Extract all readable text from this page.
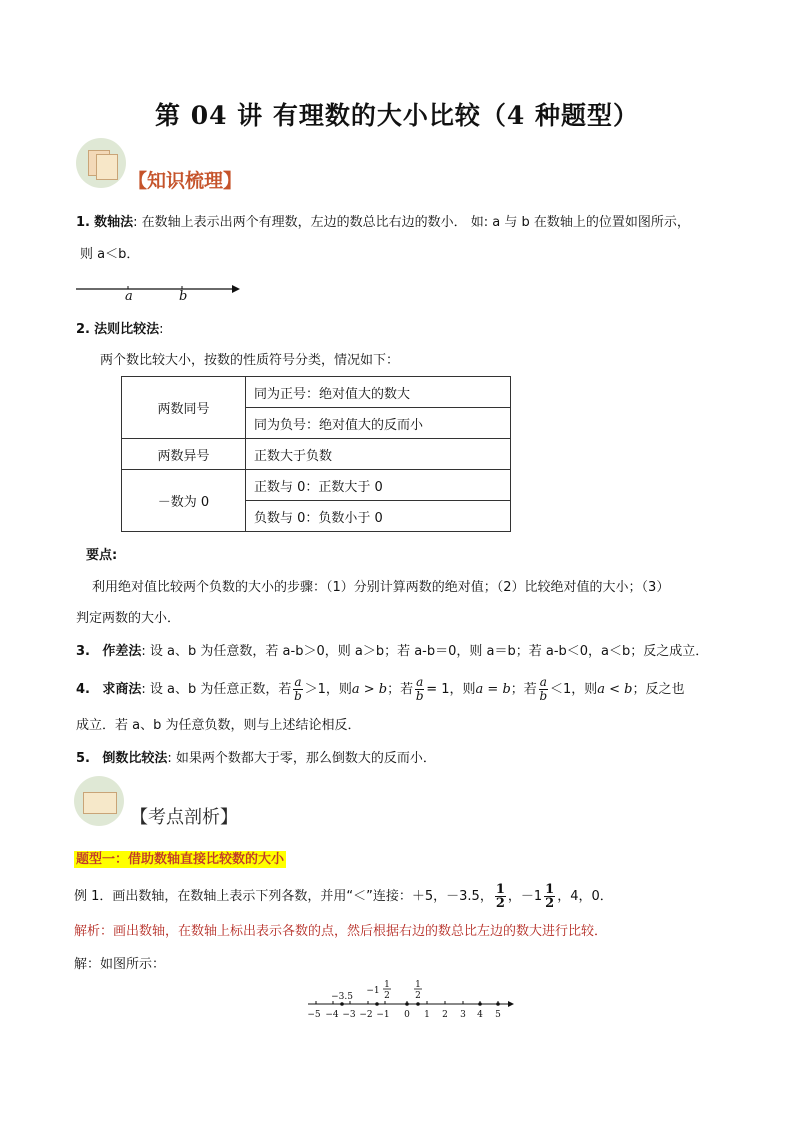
第 04 讲 有理数的大小比较（4 种题型）
【知识梳理】
1. 数轴法: 在数轴上表示出两个有理数，左边的数总比右边的数小． 如: a 与 b 在数轴上的位置如图所示，
则 a＜b．
a	b
2. 法则比较法:
两个数比较大小，按数的性质符号分类，情况如下：
两数同号	同为正号：绝对值大的数大
	同为负号：绝对值大的反而小
两数异号	正数大于负数
－数为 0	正数与 0：正数大于 0
	负数与 0：负数小于 0
要点:
利用绝对值比较两个负数的大小的步骤：（1）分别计算两数的绝对值；（2）比较绝对值的大小；（3）
判定两数的大小．
3. 作差法: 设 a、b 为任意数，若 a-b＞0，则 a＞b；若 a-b＝0，则 a＝b；若 a-b＜0，a＜b；反之成立．
4. 求商法: 设 a、b 为任意正数，若 $\frac{a}{b} >1$，则a > b；若 $\frac{a}{b} = 1$，则a = b；若 $\frac{a}{b} <1$，则a < b；反之也
成立．若 a、b 为任意负数，则与上述结论相反．
5. 倒数比较法: 如果两个数都大于零，那么倒数大的反而小．
【考点剖析】
题型一：借助数轴直接比较数的大小
例 1．画出数轴，在数轴上表示下列各数，并用“＜”连接：＋5，－3.5， $\frac{1}{2}$ ，$-1 \frac{1}{2}$ ，4，0．
解析：画出数轴，在数轴上标出表示各数的点，然后根据右边的数总比左边的数大进行比较．
解：如图所示：
−5 −4 −3 −2 −1 0 1 2 3 4 5
−3.5
−1
1
2
1
2
